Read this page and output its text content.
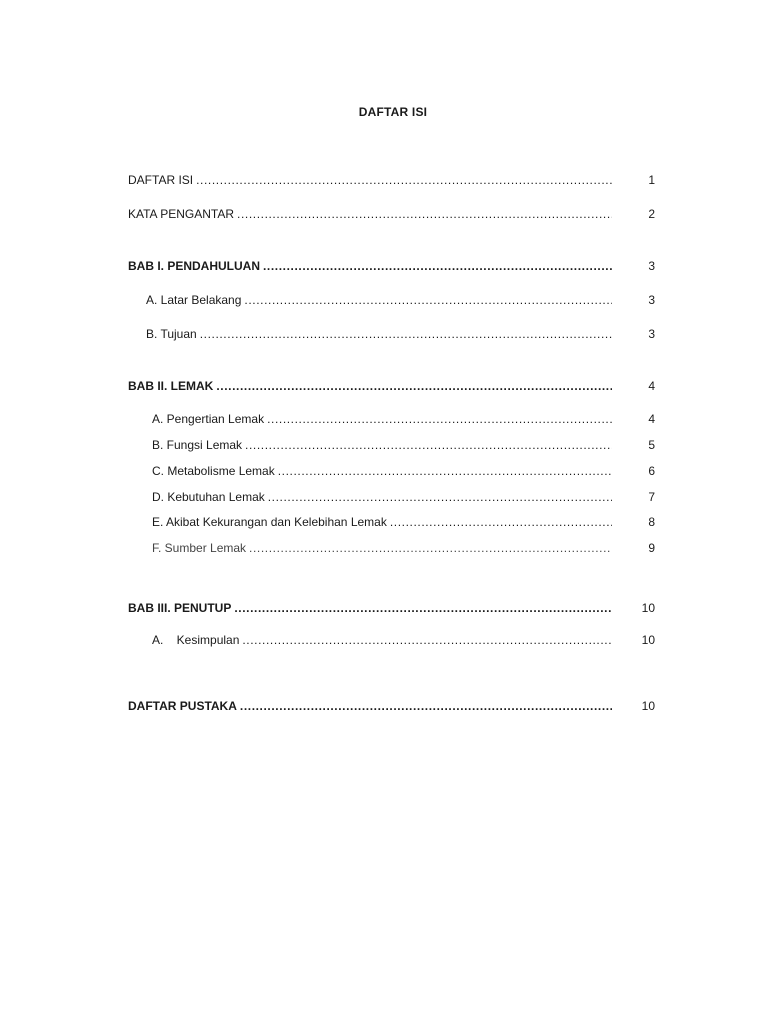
DAFTAR ISI
DAFTAR ISI .....	1
KATA PENGANTAR .....	2
BAB I. PENDAHULUAN .....	3
A. Latar Belakang .....	3
B. Tujuan .....	3
BAB II. LEMAK .....	4
A. Pengertian Lemak .....	4
B. Fungsi Lemak .....	5
C. Metabolisme Lemak .....	6
D. Kebutuhan Lemak .....	7
E. Akibat Kekurangan dan Kelebihan Lemak .....	8
F. Sumber Lemak .....	9
BAB III. PENUTUP .....	10
A.    Kesimpulan .....	10
DAFTAR PUSTAKA .....	10
